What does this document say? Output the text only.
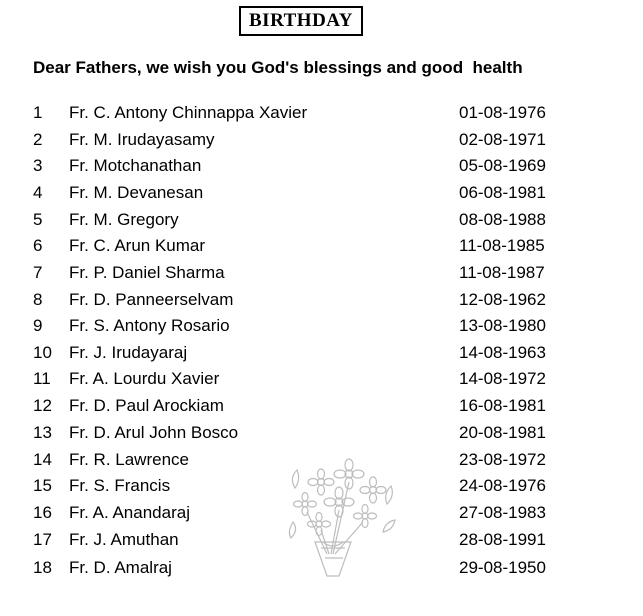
BIRTHDAY
Dear Fathers, we wish you God's blessings and good  health
1 Fr. C. Antony Chinnappa Xavier	01-08-1976
2 Fr. M. Irudayasamy	02-08-1971
3 Fr. Motchanathan	05-08-1969
4 Fr. M. Devanesan	06-08-1981
5 Fr. M. Gregory	08-08-1988
6 Fr. C. Arun Kumar	11-08-1985
7 Fr. P. Daniel Sharma	11-08-1987
8 Fr. D. Panneerselvam	12-08-1962
9 Fr. S. Antony Rosario	13-08-1980
10 Fr. J. Irudayaraj	14-08-1963
11 Fr. A. Lourdu Xavier	14-08-1972
12 Fr. D. Paul Arockiam	16-08-1981
13 Fr. D. Arul John Bosco	20-08-1981
14 Fr. R. Lawrence	23-08-1972
15 Fr. S. Francis	24-08-1976
16 Fr. A. Anandaraj	27-08-1983
17 Fr. J. Amuthan	28-08-1991
18 Fr. D. Amalraj	29-08-1950
